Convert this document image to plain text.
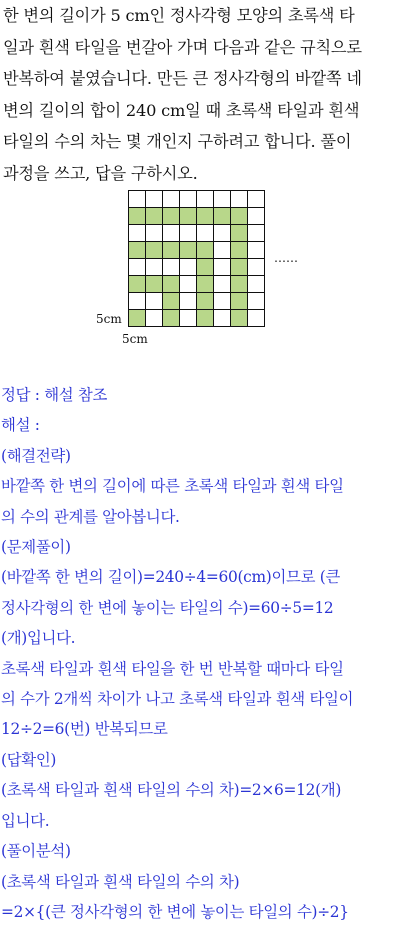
한 변의 길이가 5 cm인 정사각형 모양의 초록색 타

일과 흰색 타일을 번갈아 가며 다음과 같은 규칙으로

반복하여 붙였습니다. 만든 큰 정사각형의 바깥쪽 네

변의 길이의 합이 240 cm일 때 초록색 타일과 흰색

타일의 수의 차는 몇 개인지 구하려고 합니다. 풀이

과정을 쓰고, 답을 구하시오.

……
5cm
5cm

정답 : 해설 참조

해설 :

(해결전략)

바깥쪽 한 변의 길이에 따른 초록색 타일과 흰색 타일

의 수의 관계를 알아봅니다.

(문제풀이)

(바깥쪽 한 변의 길이)=240÷4=60(cm)이므로 (큰

정사각형의 한 변에 놓이는 타일의 수)=60÷5=12

(개)입니다.

초록색 타일과 흰색 타일을 한 번 반복할 때마다 타일

의 수가 2개씩 차이가 나고 초록색 타일과 흰색 타일이

12÷2=6(번) 반복되므로

(답확인)

(초록색 타일과 흰색 타일의 수의 차)=2×6=12(개)

입니다.

(풀이분석)

(초록색 타일과 흰색 타일의 수의 차)

=2×{(큰 정사각형의 한 변에 놓이는 타일의 수)÷2}
